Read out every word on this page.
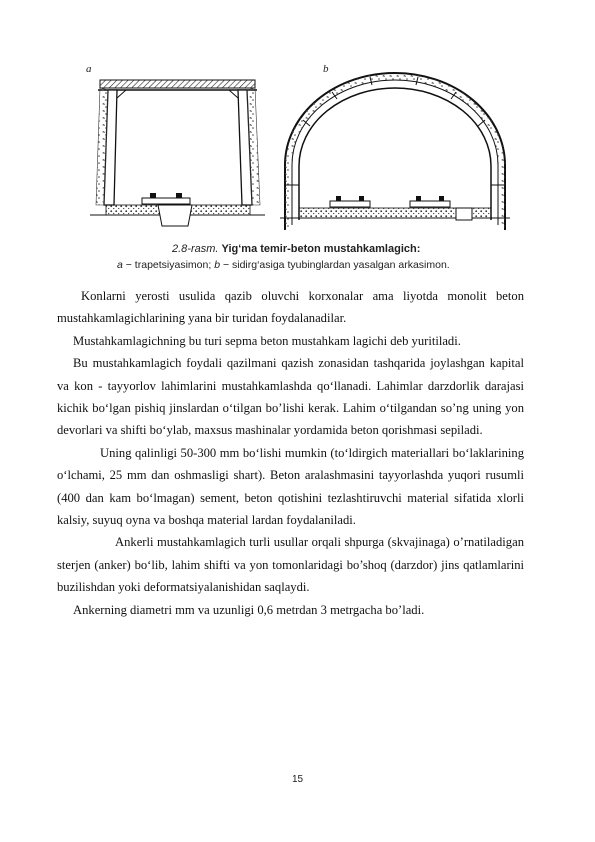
a	b
2.8-rasm. Yig‘ma temir-beton mustahkamlagich:
a − trapetsiyasimon; b − sidirg‘asiga tyubinglardan yasalgan arkasimon.

Konlarni yerosti usulida qazib oluvchi korxonalar ama liyotda monolit beton mustahkamlagichlarining yana bir turidan foydalanadilar.

Mustahkamlagichning bu turi sepma beton mustahkam lagichi deb yuritiladi.

Bu mustahkamlagich foydali qazilmani qazish zonasidan tashqarida joylashgan kapital va kon - tayyorlov lahimlarini mustahkamlashda qo‘llanadi. Lahimlar darzdorlik darajasi kichik bo‘lgan pishiq jinslardan o‘tilgan bo’lishi kerak. Lahim o‘tilgandan so’ng uning yon devorlari va shifti bo‘ylab, maxsus mashinalar yordamida beton qorishmasi sepiladi.

Uning qalinligi 50-300 mm bo‘lishi mumkin (to‘ldirgich materiallari bo‘laklarining o‘lchami, 25 mm dan oshmasligi shart). Beton aralashmasini tayyorlashda yuqori rusumli (400 dan kam bo‘lmagan) sement, beton qotishini tezlashtiruvchi material sifatida xlorli kalsiy, suyuq oyna va boshqa material lardan foydalaniladi.

Ankerli mustahkamlagich turli usullar orqali shpurga (skvajinaga) o’rnatiladigan sterjen (anker) bo‘lib, lahim shifti va yon tomonlaridagi bo’shoq (darzdor) jins qatlamlarini buzilishdan yoki deformatsiyalanishidan saqlaydi.

Ankerning diametri mm va uzunligi 0,6 metrdan 3 metrgacha bo’ladi.

15
